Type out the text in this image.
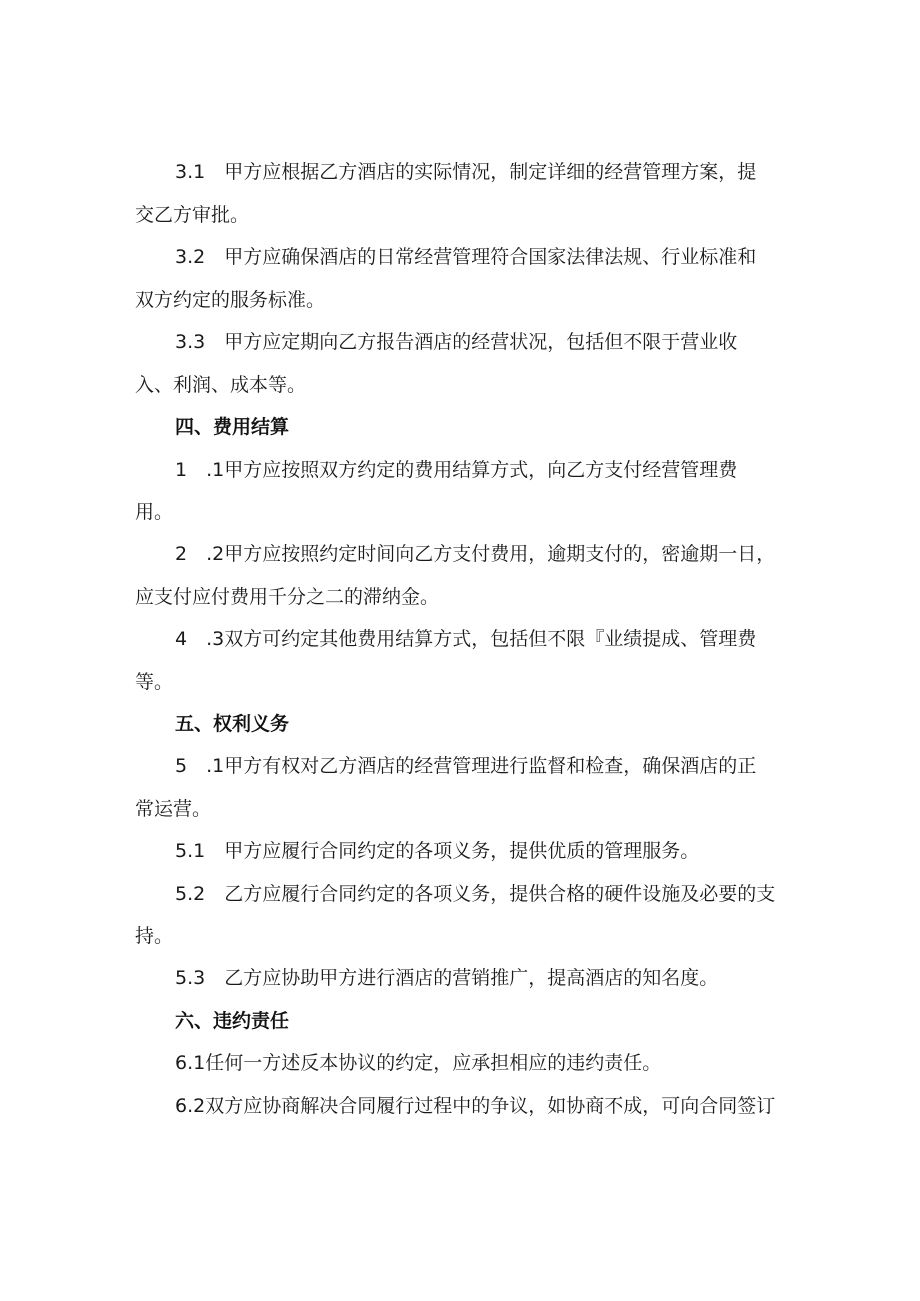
3.1　甲方应根据乙方酒店的实际情况，制定详细的经营管理方案，提

交乙方审批。

3.2　甲方应确保酒店的日常经营管理符合国家法律法规、行业标准和

双方约定的服务标准。

3.3　甲方应定期向乙方报告酒店的经营状况，包括但不限于营业收

入、利润、成本等。

四、费用结算

1　.1甲方应按照双方约定的费用结算方式，向乙方支付经营管理费

用。

2　.2甲方应按照约定时间向乙方支付费用，逾期支付的，密逾期一日，

应支付应付费用千分之二的滞纳金。

4　.3双方可约定其他费用结算方式，包括但不限『业绩提成、管理费

等。

五、权利义务

5　.1甲方有权对乙方酒店的经营管理进行监督和检查，确保酒店的正

常运营。

5.1　甲方应履行合同约定的各项义务，提供优质的管理服务。

5.2　乙方应履行合同约定的各项义务，提供合格的硬件设施及必要的支

持。

5.3　乙方应协助甲方进行酒店的营销推广，提高酒店的知名度。

六、违约责任

6.1任何一方述反本协议的约定，应承担相应的违约责任。

6.2双方应协商解决合同履行过程中的争议，如协商不成，可向合同签订
